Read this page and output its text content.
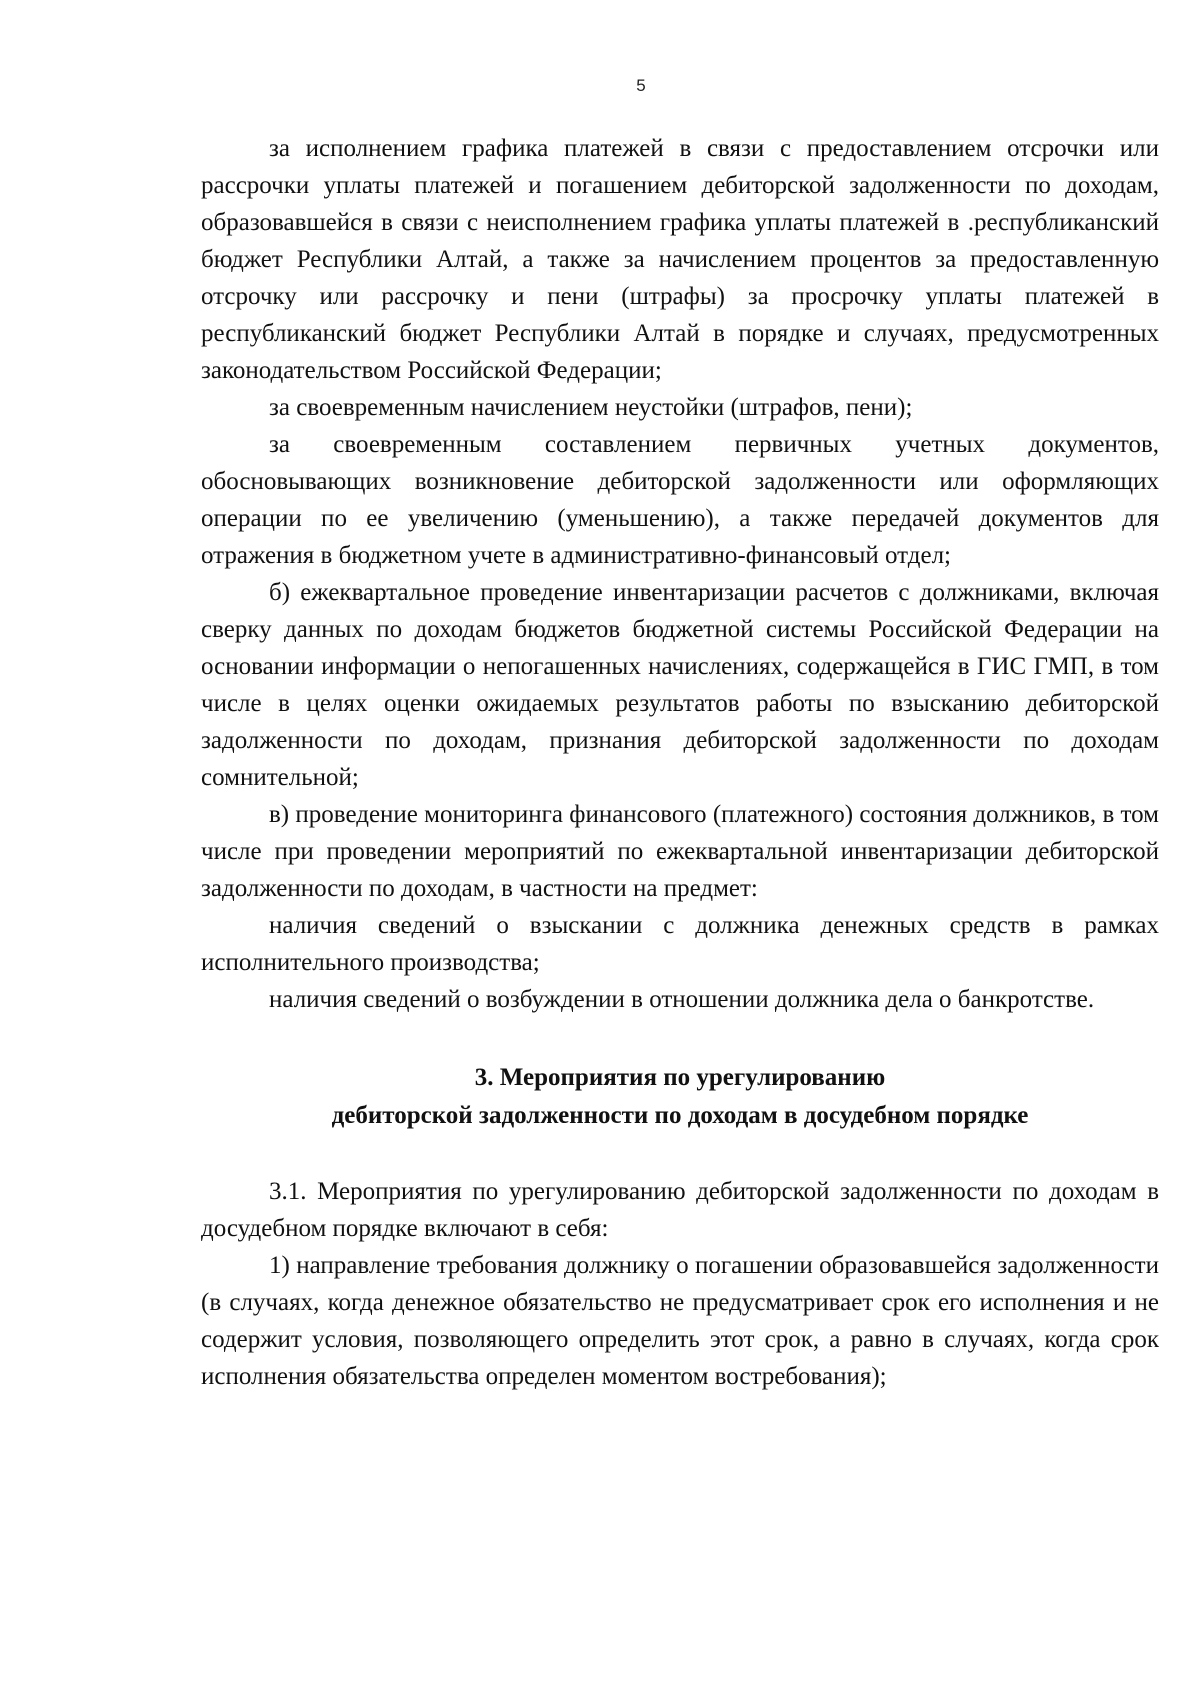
5

за исполнением графика платежей в связи с предоставлением отсрочки или рассрочки уплаты платежей и погашением дебиторской задолженности по доходам, образовавшейся в связи с неисполнением графика уплаты платежей в .республиканский бюджет Республики Алтай, а также за начислением процентов за предоставленную отсрочку или рассрочку и пени (штрафы) за просрочку уплаты платежей в республиканский бюджет Республики Алтай в порядке и случаях, предусмотренных законодательством Российской Федерации;

за своевременным начислением неустойки (штрафов, пени);

за своевременным составлением первичных учетных документов, обосновывающих возникновение дебиторской задолженности или оформляющих операции по ее увеличению (уменьшению), а также передачей документов для отражения в бюджетном учете в административно-финансовый отдел;

б) ежеквартальное проведение инвентаризации расчетов с должниками, включая сверку данных по доходам бюджетов бюджетной системы Российской Федерации на основании информации о непогашенных начислениях, содержащейся в ГИС ГМП, в том числе в целях оценки ожидаемых результатов работы по взысканию дебиторской задолженности по доходам, признания дебиторской задолженности по доходам сомнительной;

в) проведение мониторинга финансового (платежного) состояния должников, в том числе при проведении мероприятий по ежеквартальной инвентаризации дебиторской задолженности по доходам, в частности на предмет:

наличия сведений о взыскании с должника денежных средств в рамках исполнительного производства;

наличия сведений о возбуждении в отношении должника дела о банкротстве.

3. Мероприятия по урегулированию

дебиторской задолженности по доходам в досудебном порядке

3.1. Мероприятия по урегулированию дебиторской задолженности по доходам в досудебном порядке включают в себя:

1) направление требования должнику о погашении образовавшейся задолженности (в случаях, когда денежное обязательство не предусматривает срок его исполнения и не содержит условия, позволяющего определить этот срок, а равно в случаях, когда срок исполнения обязательства определен моментом востребования);
